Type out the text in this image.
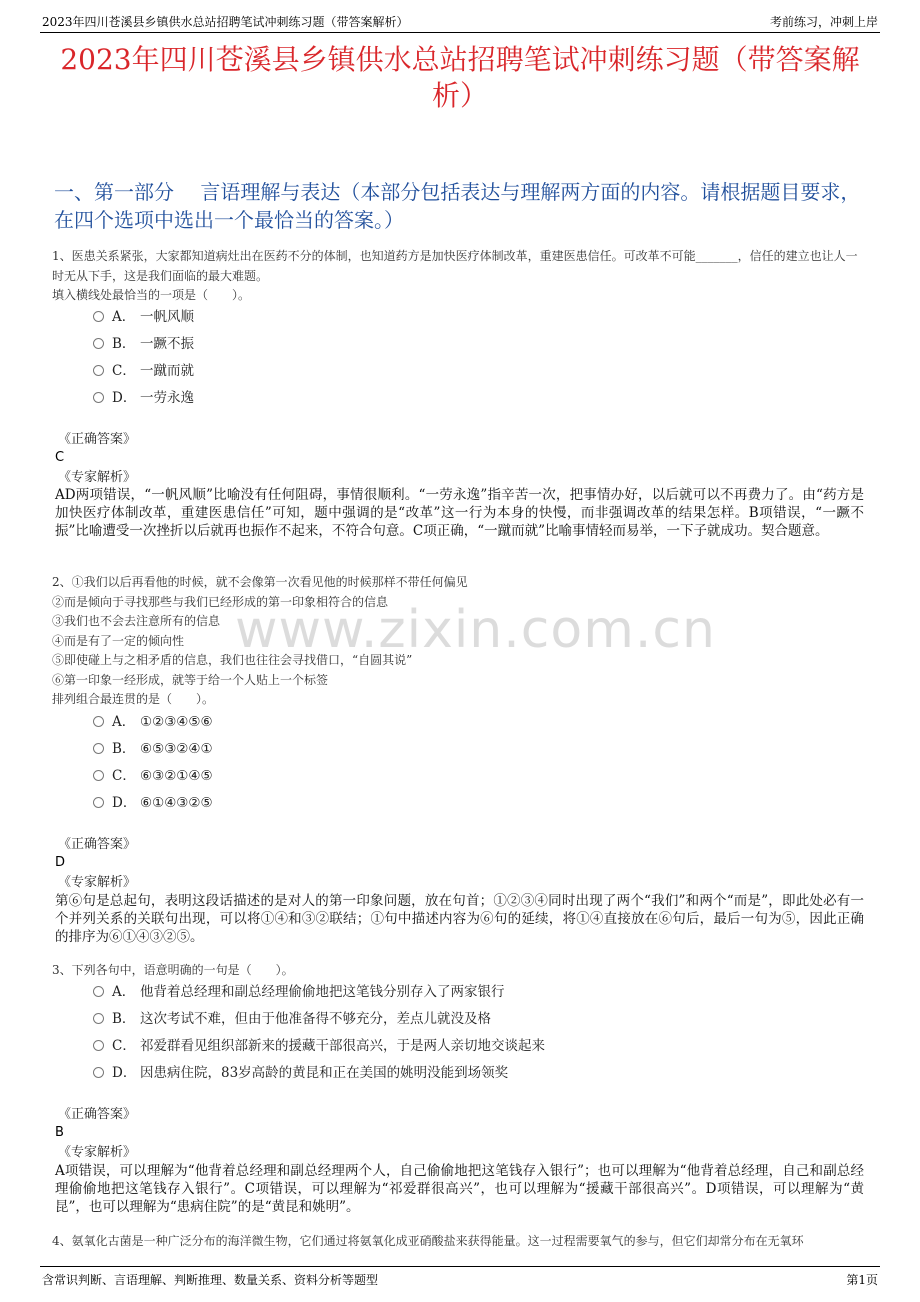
2023年四川苍溪县乡镇供水总站招聘笔试冲刺练习题（带答案解析）	考前练习，冲刺上岸
2023年四川苍溪县乡镇供水总站招聘笔试冲刺练习题（带答案解析）
一、第一部分　 言语理解与表达（本部分包括表达与理解两方面的内容。请根据题目要求，在四个选项中选出一个最恰当的答案。）
www.zixin.com.cn
1、医患关系紧张，大家都知道病灶出在医药不分的体制，也知道药方是加快医疗体制改革，重建医患信任。可改革不可能_______，信任的建立也让人一时无从下手，这是我们面临的最大难题。
填入横线处最恰当的一项是（　　）。
A． 一帆风顺
B． 一蹶不振
C． 一蹴而就
D． 一劳永逸
《正确答案》
C
《专家解析》
AD两项错误，“一帆风顺”比喻没有任何阻碍，事情很顺利。“一劳永逸”指辛苦一次，把事情办好，以后就可以不再费力了。由“药方是加快医疗体制改革，重建医患信任”可知，题中强调的是“改革”这一行为本身的快慢，而非强调改革的结果怎样。B项错误，“一蹶不振”比喻遭受一次挫折以后就再也振作不起来，不符合句意。C项正确，“一蹴而就”比喻事情轻而易举，一下子就成功。契合题意。
2、①我们以后再看他的时候，就不会像第一次看见他的时候那样不带任何偏见
②而是倾向于寻找那些与我们已经形成的第一印象相符合的信息
③我们也不会去注意所有的信息
④而是有了一定的倾向性
⑤即使碰上与之相矛盾的信息，我们也往往会寻找借口，“自圆其说”
⑥第一印象一经形成，就等于给一个人贴上一个标签
排列组合最连贯的是（　　）。
A． ①②③④⑤⑥
B． ⑥⑤③②④①
C． ⑥③②①④⑤
D． ⑥①④③②⑤
《正确答案》
D
《专家解析》
第⑥句是总起句，表明这段话描述的是对人的第一印象问题，放在句首；①②③④同时出现了两个“我们”和两个“而是”，即此处必有一个并列关系的关联句出现，可以将①④和③②联结；①句中描述内容为⑥句的延续，将①④直接放在⑥句后，最后一句为⑤，因此正确的排序为⑥①④③②⑤。
3、下列各句中，语意明确的一句是（　　）。
A． 他背着总经理和副总经理偷偷地把这笔钱分别存入了两家银行
B． 这次考试不难，但由于他准备得不够充分，差点儿就没及格
C． 祁爱群看见组织部新来的援藏干部很高兴，于是两人亲切地交谈起来
D． 因患病住院，83岁高龄的黄昆和正在美国的姚明没能到场领奖
《正确答案》
B
《专家解析》
A项错误，可以理解为“他背着总经理和副总经理两个人，自己偷偷地把这笔钱存入银行”；也可以理解为“他背着总经理，自己和副总经理偷偷地把这笔钱存入银行”。C项错误，可以理解为“祁爱群很高兴”，也可以理解为“援藏干部很高兴”。D项错误，可以理解为“黄昆”，也可以理解为“患病住院”的是“黄昆和姚明”。
4、氨氧化古菌是一种广泛分布的海洋微生物，它们通过将氨氧化成亚硝酸盐来获得能量。这一过程需要氧气的参与，但它们却常分布在无氧环
含常识判断、言语理解、判断推理、数量关系、资料分析等题型	第1页
